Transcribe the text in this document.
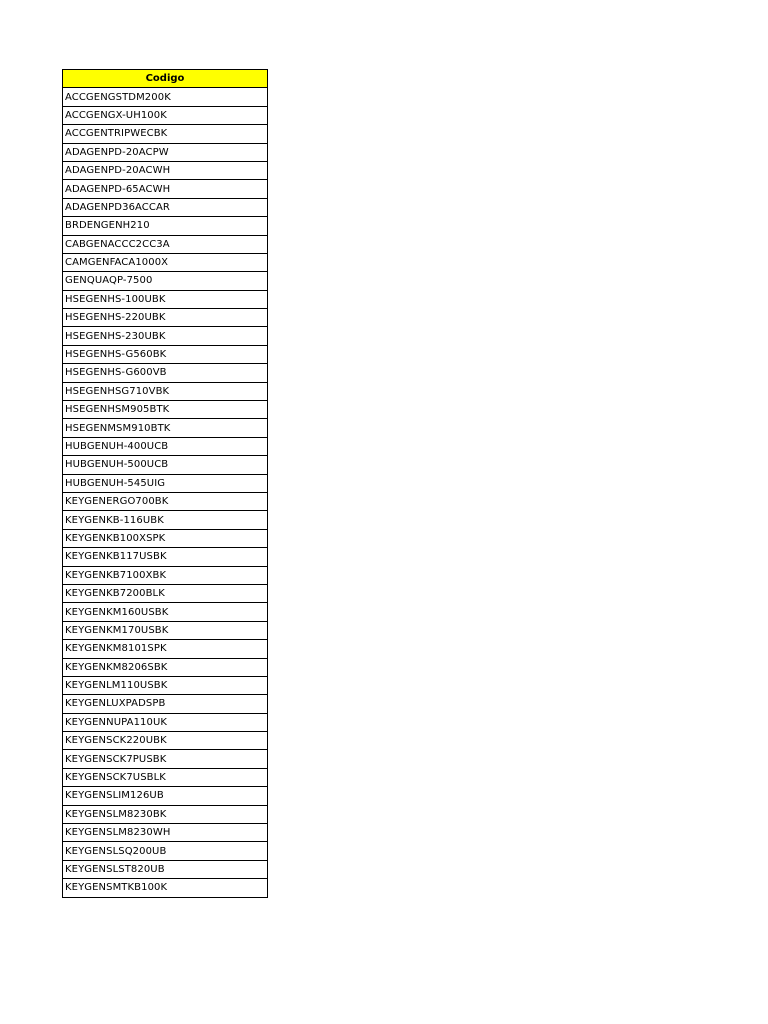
Codigo
ACCGENGSTDM200K
ACCGENGX-UH100K
ACCGENTRIPWECBK
ADAGENPD-20ACPW
ADAGENPD-20ACWH
ADAGENPD-65ACWH
ADAGENPD36ACCAR
BRDENGENH210
CABGENACCC2CC3A
CAMGENFACA1000X
GENQUAQP-7500
HSEGENHS-100UBK
HSEGENHS-220UBK
HSEGENHS-230UBK
HSEGENHS-G560BK
HSEGENHS-G600VB
HSEGENHSG710VBK
HSEGENHSM905BTK
HSEGENMSM910BTK
HUBGENUH-400UCB
HUBGENUH-500UCB
HUBGENUH-545UIG
KEYGENERGO700BK
KEYGENKB-116UBK
KEYGENKB100XSPK
KEYGENKB117USBK
KEYGENKB7100XBK
KEYGENKB7200BLK
KEYGENKM160USBK
KEYGENKM170USBK
KEYGENKM8101SPK
KEYGENKM8206SBK
KEYGENLM110USBK
KEYGENLUXPADSPB
KEYGENNUPA110UK
KEYGENSCK220UBK
KEYGENSCK7PUSBK
KEYGENSCK7USBLK
KEYGENSLIM126UB
KEYGENSLM8230BK
KEYGENSLM8230WH
KEYGENSLSQ200UB
KEYGENSLST820UB
KEYGENSMTKB100K
